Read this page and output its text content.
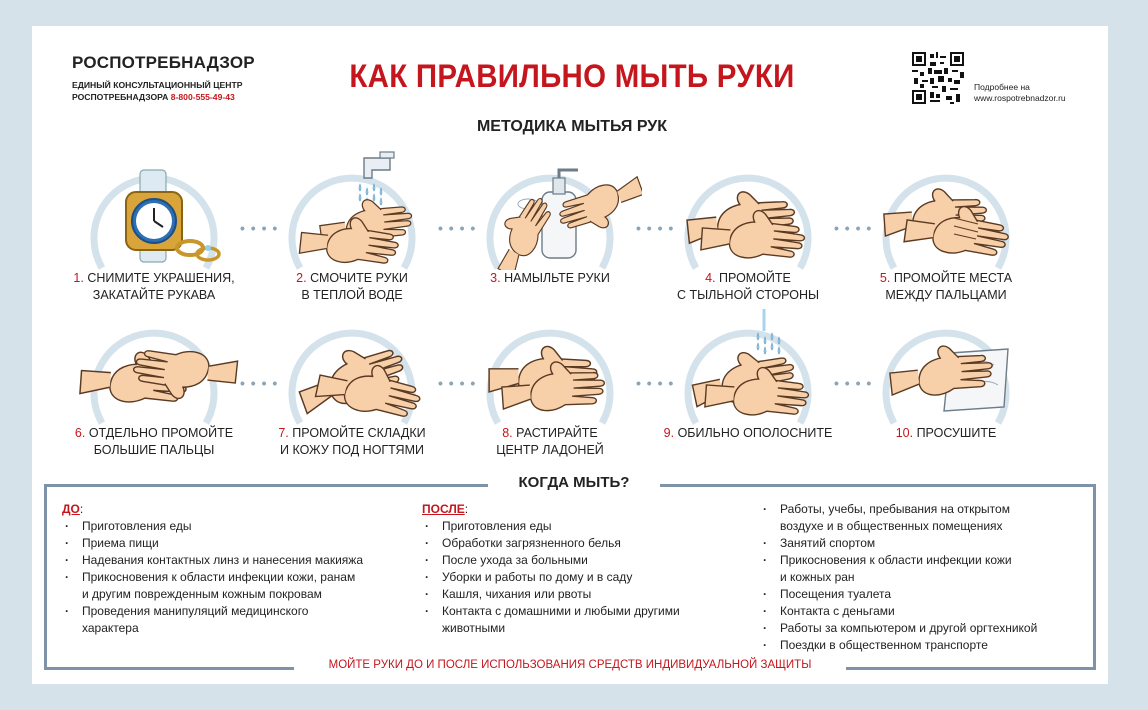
РОСПОТРЕБНАДЗОР
ЕДИНЫЙ КОНСУЛЬТАЦИОННЫЙ ЦЕНТР
РОСПОТРЕБНАДЗОРА 8-800-555-49-43
КАК ПРАВИЛЬНО МЫТЬ РУКИ	Подробнее на
www.rospotrebnadzor.ru
МЕТОДИКА МЫТЬЯ РУК
1. СНИМИТЕ УКРАШЕНИЯ,
ЗАКАТАЙТЕ РУКАВА
• • • •
2. СМОЧИТЕ РУКИ
В ТЕПЛОЙ ВОДЕ
• • • •
3. НАМЫЛЬТЕ РУКИ
• • • •
4. ПРОМОЙТЕ
С ТЫЛЬНОЙ СТОРОНЫ
• • • •
5. ПРОМОЙТЕ МЕСТА
МЕЖДУ ПАЛЬЦАМИ
6. ОТДЕЛЬНО ПРОМОЙТЕ
БОЛЬШИЕ ПАЛЬЦЫ
• • • •
7. ПРОМОЙТЕ СКЛАДКИ
И КОЖУ ПОД НОГТЯМИ
• • • •
8. РАСТИРАЙТЕ
ЦЕНТР ЛАДОНЕЙ
• • • •
9. ОБИЛЬНО ОПОЛОСНИТЕ
• • • •
10. ПРОСУШИТЕ
КОГДА МЫТЬ?
ДО:
· Приготовления еды
· Приема пищи
· Надевания контактных линз и нанесения макияжа
· Прикосновения к области инфекции кожи, ранам
и другим поврежденным кожным покровам
· Проведения манипуляций медицинского
характера
ПОСЛЕ:
· Приготовления еды
· Обработки загрязненного белья
· После ухода за больными
· Уборки и работы по дому и в саду
· Кашля, чихания или рвоты
· Контакта с домашними и любыми другими
животными
· Работы, учебы, пребывания на открытом
воздухе и в общественных помещениях
· Занятий спортом
· Прикосновения к области инфекции кожи
и кожных ран
· Посещения туалета
· Контакта с деньгами
· Работы за компьютером и другой оргтехникой
· Поездки в общественном транспорте
МОЙТЕ РУКИ ДО И ПОСЛЕ ИСПОЛЬЗОВАНИЯ СРЕДСТВ ИНДИВИДУАЛЬНОЙ ЗАЩИТЫ
